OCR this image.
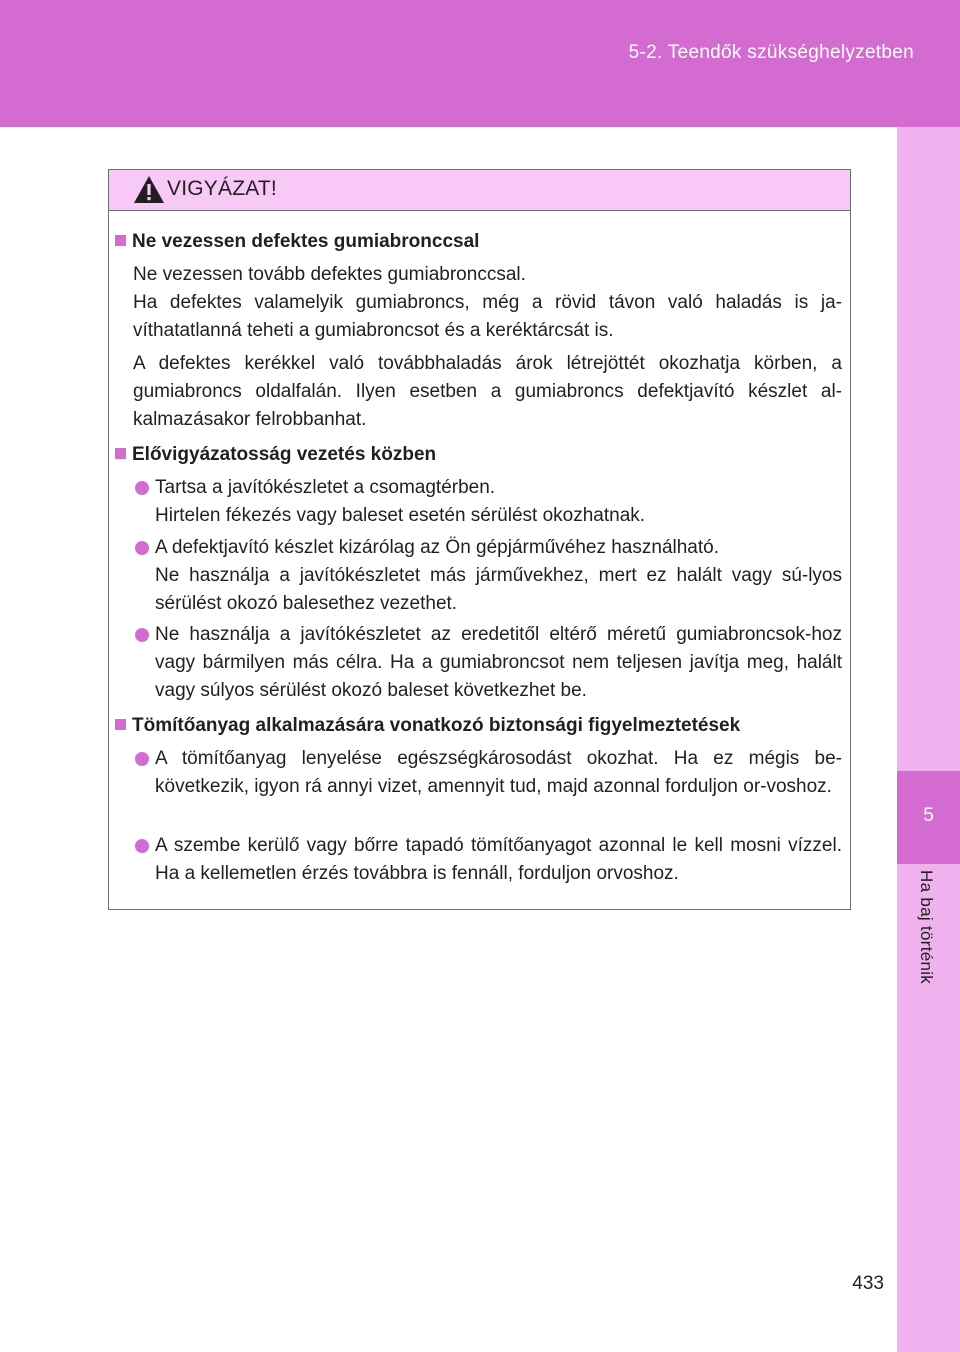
5-2. Teendők szükséghelyzetben
5
Ha baj történik
VIGYÁZAT!
Ne vezessen defektes gumiabronccsal
Ne vezessen tovább defektes gumiabronccsal.
Ha defektes valamelyik gumiabroncs, még a rövid távon való haladás is ja-víthatatlanná teheti a gumiabroncsot és a keréktárcsát is.
A defektes kerékkel való továbbhaladás árok létrejöttét okozhatja körben, a gumiabroncs oldalfalán. Ilyen esetben a gumiabroncs defektjavító készlet al-kalmazásakor felrobbanhat.
Elővigyázatosság vezetés közben
Tartsa a javítókészletet a csomagtérben.
Hirtelen fékezés vagy baleset esetén sérülést okozhatnak.
A defektjavító készlet kizárólag az Ön gépjárművéhez használható.
Ne használja a javítókészletet más járművekhez, mert ez halált vagy sú-lyos sérülést okozó balesethez vezethet.
Ne használja a javítókészletet az eredetitől eltérő méretű gumiabroncsok-hoz vagy bármilyen más célra. Ha a gumiabroncsot nem teljesen javítja meg, halált vagy súlyos sérülést okozó baleset következhet be.
Tömítőanyag alkalmazására vonatkozó biztonsági figyelmeztetések
A tömítőanyag lenyelése egészségkárosodást okozhat. Ha ez mégis be-következik, igyon rá annyi vizet, amennyit tud, majd azonnal forduljon or-voshoz.
A szembe kerülő vagy bőrre tapadó tömítőanyagot azonnal le kell mosni vízzel. Ha a kellemetlen érzés továbbra is fennáll, forduljon orvoshoz.
433
